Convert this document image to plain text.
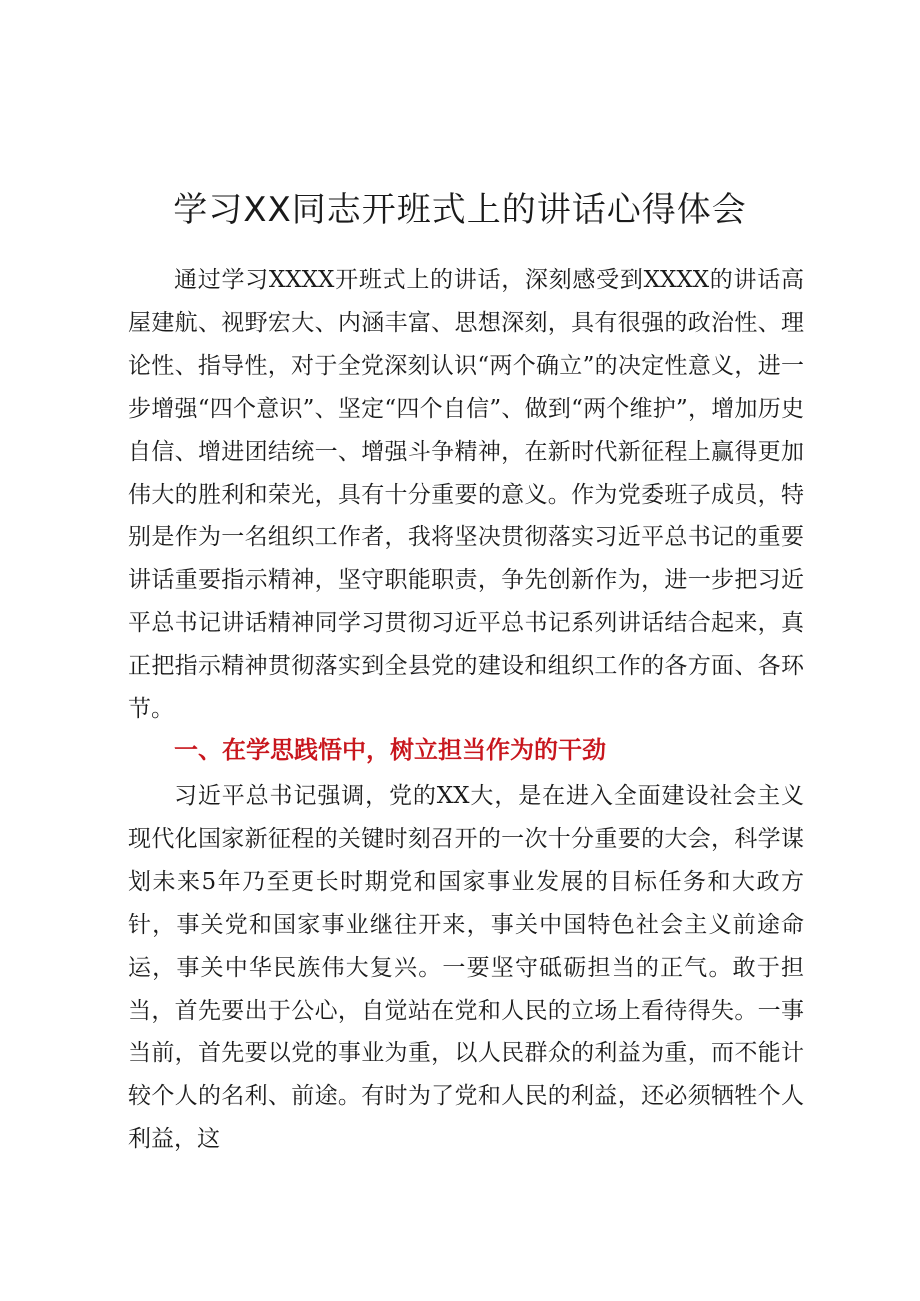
学习XX同志开班式上的讲话心得体会

通过学习XXXX开班式上的讲话，深刻感受到XXXX的讲话高屋建航、视野宏大、内涵丰富、思想深刻，具有很强的政治性、理论性、指导性，对于全党深刻认识“两个确立”的决定性意义，进一步增强“四个意识”、坚定“四个自信”、做到“两个维护”，增加历史自信、增进团结统一、增强斗争精神，在新时代新征程上赢得更加伟大的胜利和荣光，具有十分重要的意义。作为党委班子成员，特别是作为一名组织工作者，我将坚决贯彻落实习近平总书记的重要讲话重要指示精神，坚守职能职责，争先创新作为，进一步把习近平总书记讲话精神同学习贯彻习近平总书记系列讲话结合起来，真正把指示精神贯彻落实到全县党的建设和组织工作的各方面、各环节。

一、在学思践悟中，树立担当作为的干劲

习近平总书记强调，党的XX大，是在进入全面建设社会主义现代化国家新征程的关键时刻召开的一次十分重要的大会，科学谋划未来5年乃至更长时期党和国家事业发展的目标任务和大政方针，事关党和国家事业继往开来，事关中国特色社会主义前途命运，事关中华民族伟大复兴。一要坚守砥砺担当的正气。敢于担当，首先要出于公心，自觉站在党和人民的立场上看待得失。一事当前，首先要以党的事业为重，以人民群众的利益为重，而不能计较个人的名利、前途。有时为了党和人民的利益，还必须牺牲个人利益，这
